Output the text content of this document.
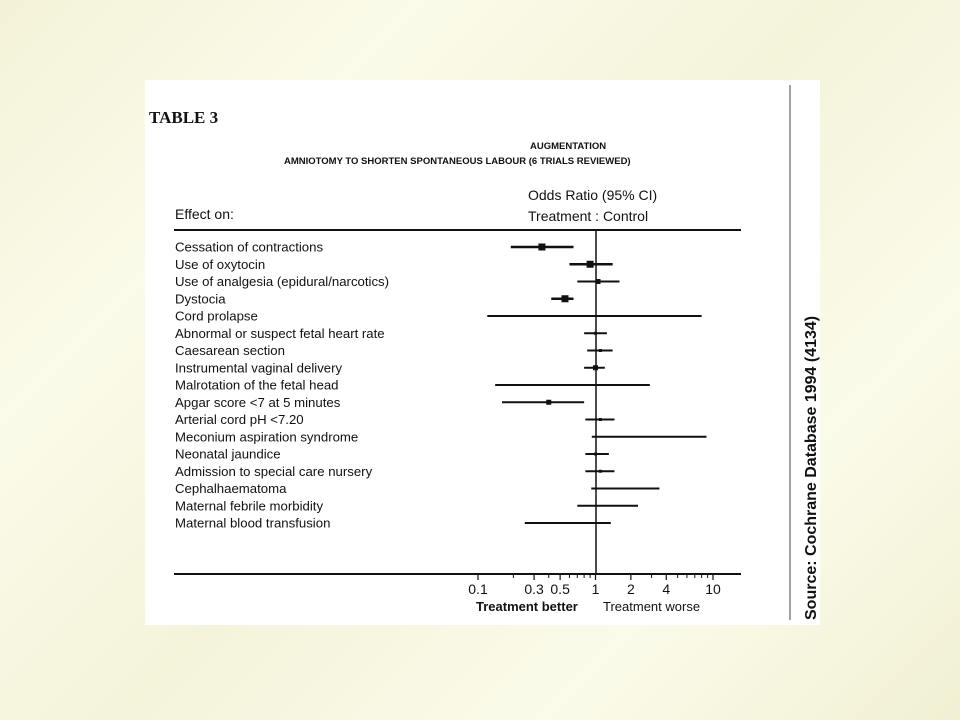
TABLE 3
AUGMENTATION
AMNIOTOMY TO SHORTEN SPONTANEOUS LABOUR (6 TRIALS REVIEWED)
Odds Ratio (95% CI)
Effect on:	Treatment : Control
Cessation of contractions
Use of oxytocin
Use of analgesia (epidural/narcotics)
Dystocia
Cord prolapse
Abnormal or suspect fetal heart rate
Caesarean section
Instrumental vaginal delivery
Malrotation of the fetal head
Apgar score <7 at 5 minutes
Arterial cord pH <7.20
Meconium aspiration syndrome
Neonatal jaundice
Admission to special care nursery
Cephalhaematoma
Maternal febrile morbidity
Maternal blood transfusion
0.1	0.3 0.5 1 2 4	10
Treatment better Treatment worse	Source: Cochrane Database 1994 (4134)
